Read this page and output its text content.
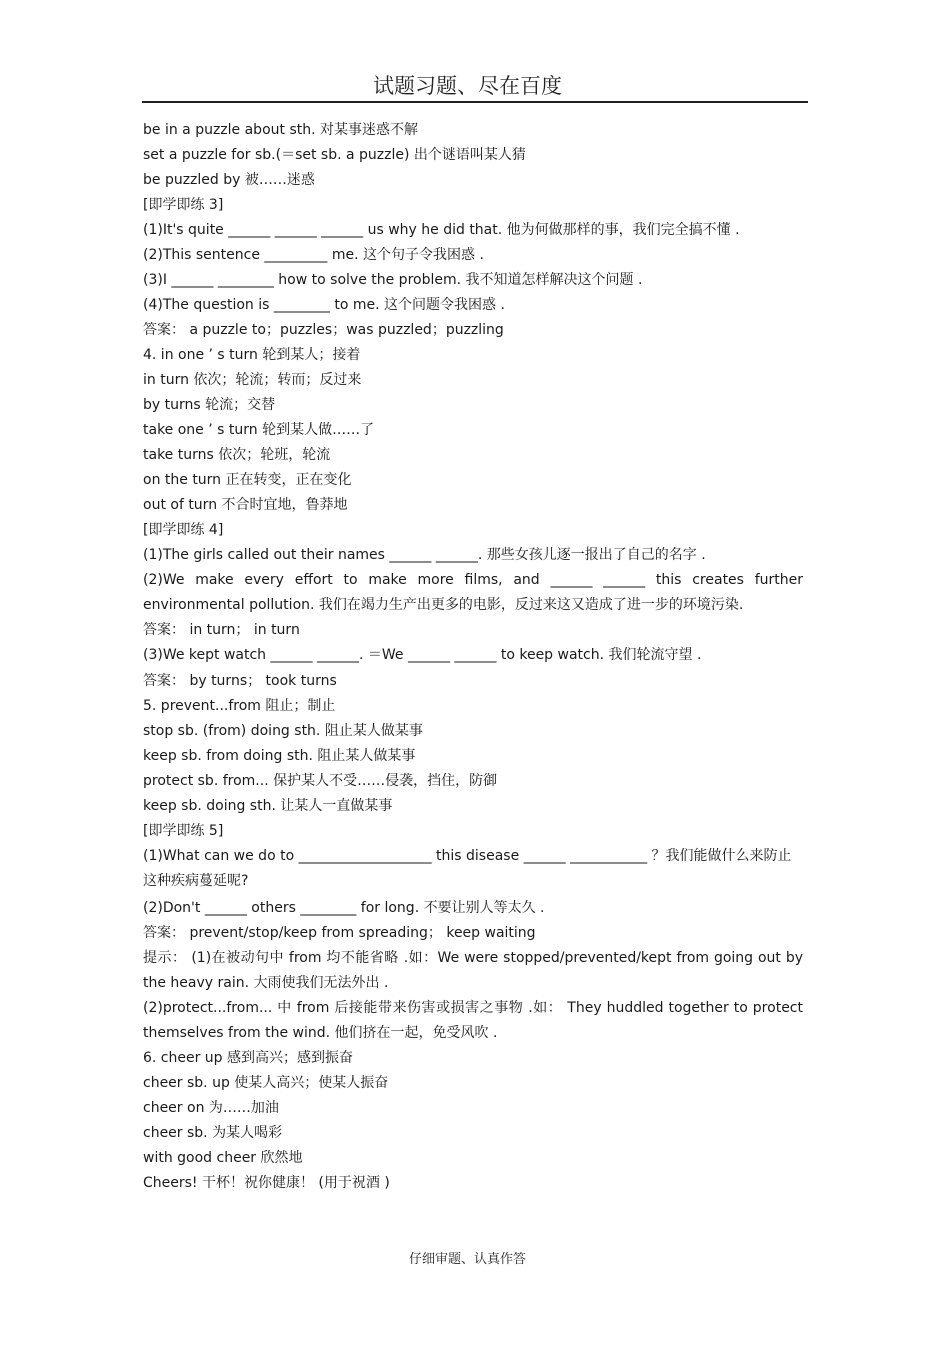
试题习题、尽在百度
be in a puzzle about sth. 对某事迷惑不解
set a puzzle for sb.(＝set sb. a puzzle) 出个谜语叫某人猜
be puzzled by 被……迷惑
[即学即练 3]
(1)It's quite ______ ______ ______ us why he did that. 他为何做那样的事，我们完全搞不懂 .
(2)This sentence _________ me. 这个句子令我困惑 .
(3)I ______ ________ how to solve the problem. 我不知道怎样解决这个问题 .
(4)The question is ________ to me. 这个问题令我困惑 .
答案： a puzzle to；puzzles；was puzzled；puzzling
4. in one ’ s turn 轮到某人；接着
in turn 依次；轮流；转而；反过来
by turns 轮流；交替
take one ’ s turn 轮到某人做……了
take turns 依次；轮班，轮流
on the turn 正在转变，正在变化
out of turn 不合时宜地，鲁莽地
[即学即练 4]
(1)The girls called out their names ______ ______. 那些女孩儿逐一报出了自己的名字 .
(2)We make every effort to make more films, and ______ ______ this creates further
environmental pollution. 我们在竭力生产出更多的电影，反过来这又造成了进一步的环境污染.
答案： in turn； in turn
(3)We kept watch ______ ______. ＝We ______ ______ to keep watch. 我们轮流守望 .
答案： by turns； took turns
5. prevent...from 阻止；制止
stop sb. (from) doing sth. 阻止某人做某事
keep sb. from doing sth. 阻止某人做某事
protect sb. from... 保护某人不受……侵袭，挡住，防御
keep sb. doing sth. 让某人一直做某事
[即学即练 5]
(1)What can we do to ___________________ this disease ______ ___________ ？我们能做什么来防止这种疾病蔓延呢?
(2)Don't ______ others ________ for long. 不要让别人等太久 .
答案： prevent/stop/keep from spreading； keep waiting
提示： (1)在被动句中 from 均不能省略 .如：We were stopped/prevented/kept from going out by
the heavy rain. 大雨使我们无法外出 .
(2)protect...from... 中 from 后接能带来伤害或损害之事物 .如： They huddled together to protect
themselves from the wind. 他们挤在一起，免受风吹 .
6. cheer up 感到高兴；感到振奋
cheer sb. up 使某人高兴；使某人振奋
cheer on 为……加油
cheer sb. 为某人喝彩
with good cheer 欣然地
Cheers! 干杯！祝你健康！ (用于祝酒 )
仔细审题、认真作答
